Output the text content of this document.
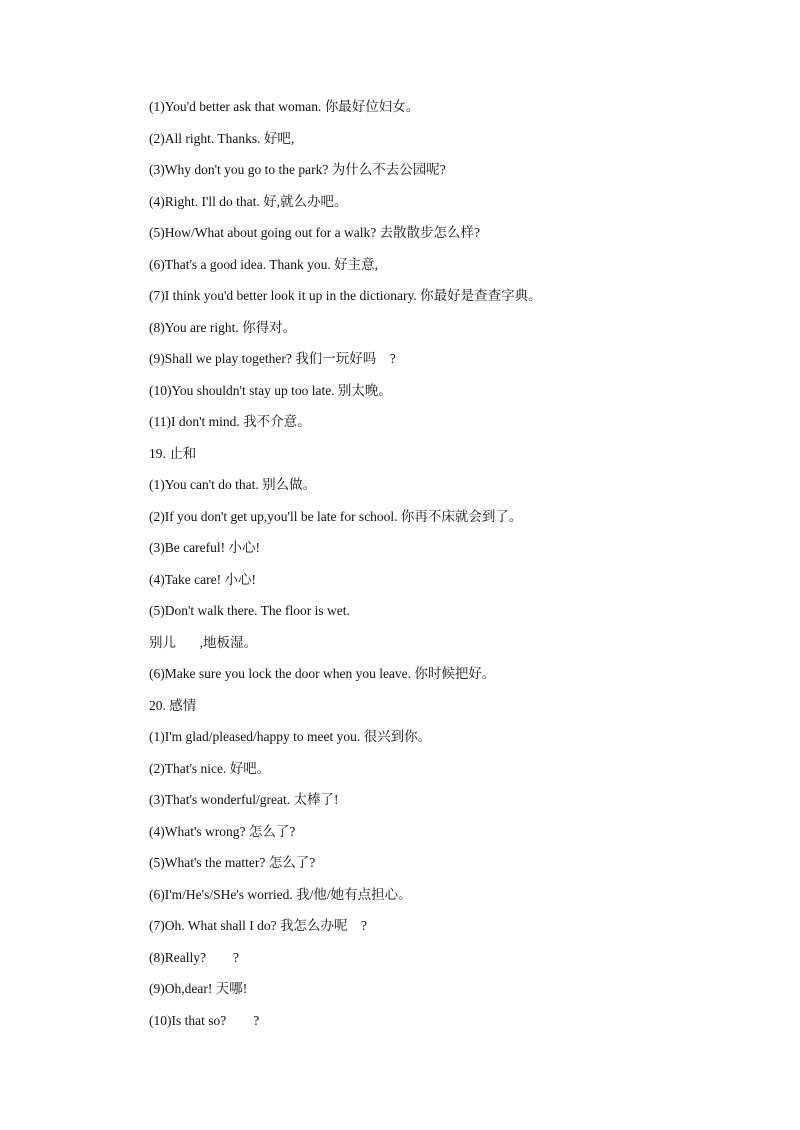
(1)You'd better ask that woman. 你最好位妇女。
(2)All right. Thanks. 好吧,
(3)Why don't you go to the park? 为什么不去公园呢?
(4)Right. I'll do that. 好,就么办吧。
(5)How/What about going out for a walk? 去散散步怎么样?
(6)That's a good idea. Thank you. 好主意,
(7)I think you'd better look it up in the dictionary. 你最好是查查字典。
(8)You are right. 你得对。
(9)Shall we play together? 我们一玩好吗    ?
(10)You shouldn't stay up too late. 别太晚。
(11)I don't mind. 我不介意。
19. 止和
(1)You can't do that. 别么做。
(2)If you don't get up,you'll be late for school. 你再不床就会到了。
(3)Be careful! 小心!
(4)Take care! 小心!
(5)Don't walk there. The floor is wet.
别儿       ,地板湿。
(6)Make sure you lock the door when you leave. 你时候把好。
20. 感情
(1)I'm glad/pleased/happy to meet you. 很兴到你。
(2)That's nice. 好吧。
(3)That's wonderful/great. 太棒了!
(4)What's wrong? 怎么了?
(5)What's the matter? 怎么了?
(6)I'm/He's/SHe's worried. 我/他/她有点担心。
(7)Oh. What shall I do? 我怎么办呢    ?
(8)Really?        ?
(9)Oh,dear! 天哪!
(10)Is that so?        ?
